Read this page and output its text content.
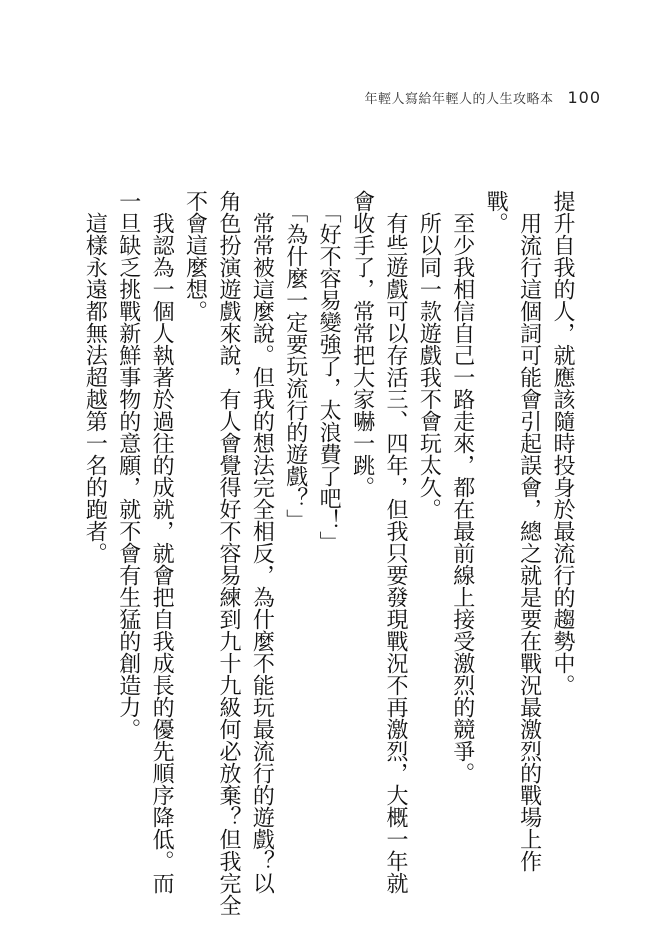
年輕人寫給年輕人的人生攻略本 100

提升自我的人，就應該隨時投身於最流行的趨勢中。

　用流行這個詞可能會引起誤會，總之就是要在戰況最激烈的戰場上作

戰。

　至少我相信自己一路走來，都在最前線上接受激烈的競爭。

　所以同一款遊戲我不會玩太久。

　有些遊戲可以存活三、四年，但我只要發現戰況不再激烈，大概一年就

會收手了，常常把大家嚇一跳。

　「好不容易變強了，太浪費了吧！」

　「為什麼一定要玩流行的遊戲？」

　常常被這麼說。但我的想法完全相反，為什麼不能玩最流行的遊戲？以

角色扮演遊戲來說，有人會覺得好不容易練到九十九級何必放棄？但我完全

不會這麼想。

　我認為一個人執著於過往的成就，就會把自我成長的優先順序降低。而

一旦缺乏挑戰新鮮事物的意願，就不會有生猛的創造力。

　這樣永遠都無法超越第一名的跑者。
